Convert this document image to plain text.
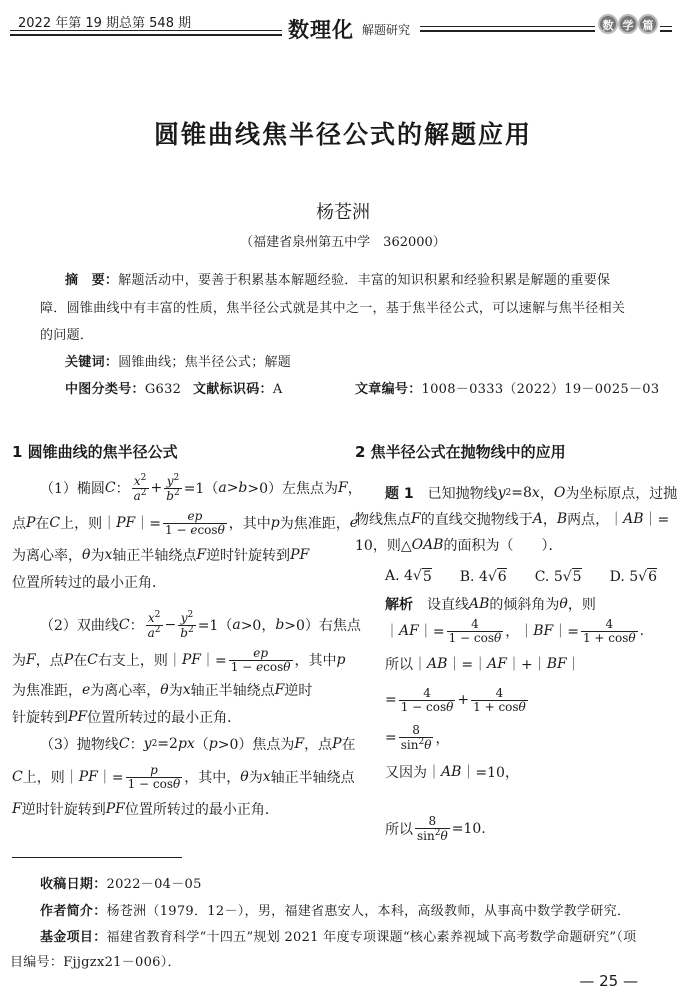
2022 年第 19 期总第 548 期	数理化 解题研究	数 学 篇
圆锥曲线焦半径公式的解题应用
杨苍洲
（福建省泉州第五中学　362000）
摘　要：解题活动中，要善于积累基本解题经验．丰富的知识积累和经验积累是解题的重要保
障．圆锥曲线中有丰富的性质，焦半径公式就是其中之一，基于焦半径公式，可以速解与焦半径相关
的问题．
关键词：圆锥曲线；焦半径公式；解题
中图分类号：G632 文献标识码：A	文章编号：1008－0333（2022）19－0025－03
1 圆锥曲线的焦半径公式	2 焦半径公式在抛物线中的应用
（1）椭圆 C ： $\frac{x^2}{a^2} + \frac{y^2}{b^2} =1$（ a > b >0）左焦点为 F ，
点 P 在 C 上，则｜ PF ｜= $\frac{ep}{1 - ecos\theta}$ ，其中 p 为焦准距， e
为离心率， θ 为 x 轴正半轴绕点 F 逆时针旋转到 PF
位置所转过的最小正角．
（2）双曲线 C ： $\frac{x^2}{a^2} - \frac{y^2}{b^2} =1$（ a >0， b >0）右焦点
为 F ，点 P 在 C 右支上，则｜ PF ｜= $\frac{ep}{1 - ecos\theta}$ ，其中 p
为焦准距， e 为离心率， θ 为 x 轴正半轴绕点 F 逆时
针旋转到 PF 位置所转过的最小正角．
（3）抛物线 C ： y 2 =2 px （ p >0）焦点为 F ，点 P 在
C 上，则｜ PF ｜= $\frac{p}{1 - \cos\theta}$ ，其中， θ 为 x 轴正半轴绕点
F 逆时针旋转到 PF 位置所转过的最小正角．
题 1 　已知抛物线 y 2 =8 x ， O 为坐标原点，过抛
物线焦点 F 的直线交抛物线于 A ， B 两点，｜ AB ｜=
10，则△ OAB 的面积为（　　）．
A. 4√ 5 　　B. 4√ 6 　　C. 5√ 5 　　D. 5√ 6
解析 　设直线 AB 的倾斜角为 θ ，则
｜ AF ｜= $\frac{4}{1 - \cos\theta}$ ，｜ BF ｜= $\frac{4}{1 + \cos\theta}$ .
所以｜ AB ｜=｜ AF ｜+｜ BF ｜
= $\frac{4}{1 - \cos\theta} + \frac{4}{1 + \cos\theta}$
= $\frac{8}{\sin^2\theta}$ ，
又因为｜ AB ｜=10，
所以 $\frac{8}{\sin^2\theta} =10$.
收稿日期：2022－04－05
作者简介：杨苍洲（1979．12－），男，福建省惠安人，本科，高级教师，从事高中数学教学研究．
基金项目：福建省教育科学“十四五”规划 2021 年度专项课题“核心素养视域下高考数学命题研究”（项
目编号：Fjjgzx21－006）．
— 25 —
